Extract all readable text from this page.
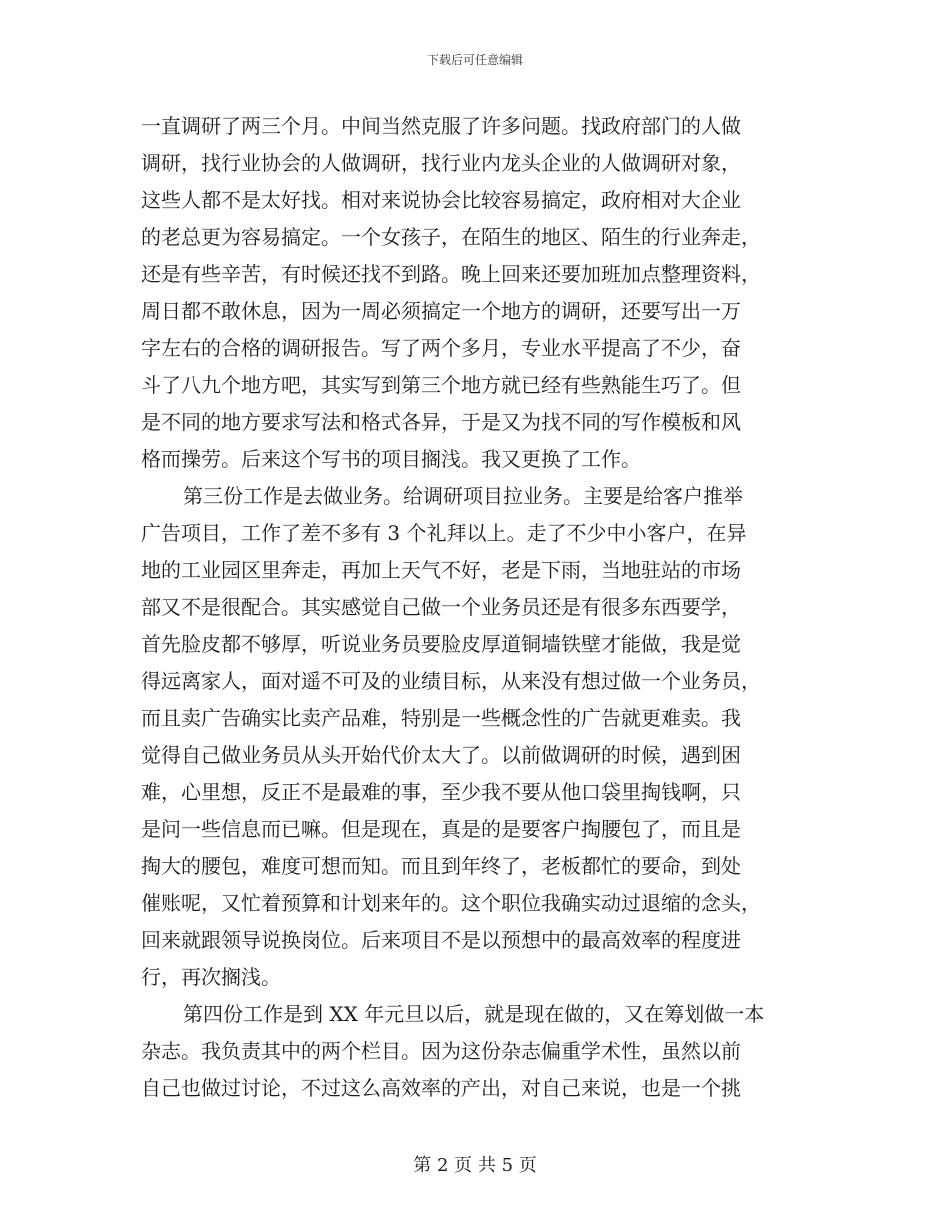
下载后可任意编辑
一直调研了两三个月。中间当然克服了许多问题。找政府部门的人做
调研，找行业协会的人做调研，找行业内龙头企业的人做调研对象，
这些人都不是太好找。相对来说协会比较容易搞定，政府相对大企业
的老总更为容易搞定。一个女孩子，在陌生的地区、陌生的行业奔走，
还是有些辛苦，有时候还找不到路。晚上回来还要加班加点整理资料，
周日都不敢休息，因为一周必须搞定一个地方的调研，还要写出一万
字左右的合格的调研报告。写了两个多月，专业水平提高了不少，奋
斗了八九个地方吧，其实写到第三个地方就已经有些熟能生巧了。但
是不同的地方要求写法和格式各异，于是又为找不同的写作模板和风
格而操劳。后来这个写书的项目搁浅。我又更换了工作。
第三份工作是去做业务。给调研项目拉业务。主要是给客户推举
广告项目，工作了差不多有 3 个礼拜以上。走了不少中小客户，在异
地的工业园区里奔走，再加上天气不好，老是下雨，当地驻站的市场
部又不是很配合。其实感觉自己做一个业务员还是有很多东西要学，
首先脸皮都不够厚，听说业务员要脸皮厚道铜墙铁壁才能做，我是觉
得远离家人，面对遥不可及的业绩目标，从来没有想过做一个业务员，
而且卖广告确实比卖产品难，特别是一些概念性的广告就更难卖。我
觉得自己做业务员从头开始代价太大了。以前做调研的时候，遇到困
难，心里想，反正不是最难的事，至少我不要从他口袋里掏钱啊，只
是问一些信息而已嘛。但是现在，真是的是要客户掏腰包了，而且是
掏大的腰包，难度可想而知。而且到年终了，老板都忙的要命，到处
催账呢，又忙着预算和计划来年的。这个职位我确实动过退缩的念头，
回来就跟领导说换岗位。后来项目不是以预想中的最高效率的程度进
行，再次搁浅。
第四份工作是到 XX 年元旦以后，就是现在做的，又在筹划做一本
杂志。我负责其中的两个栏目。因为这份杂志偏重学术性，虽然以前
自己也做过讨论，不过这么高效率的产出，对自己来说，也是一个挑
第 2 页 共 5 页
